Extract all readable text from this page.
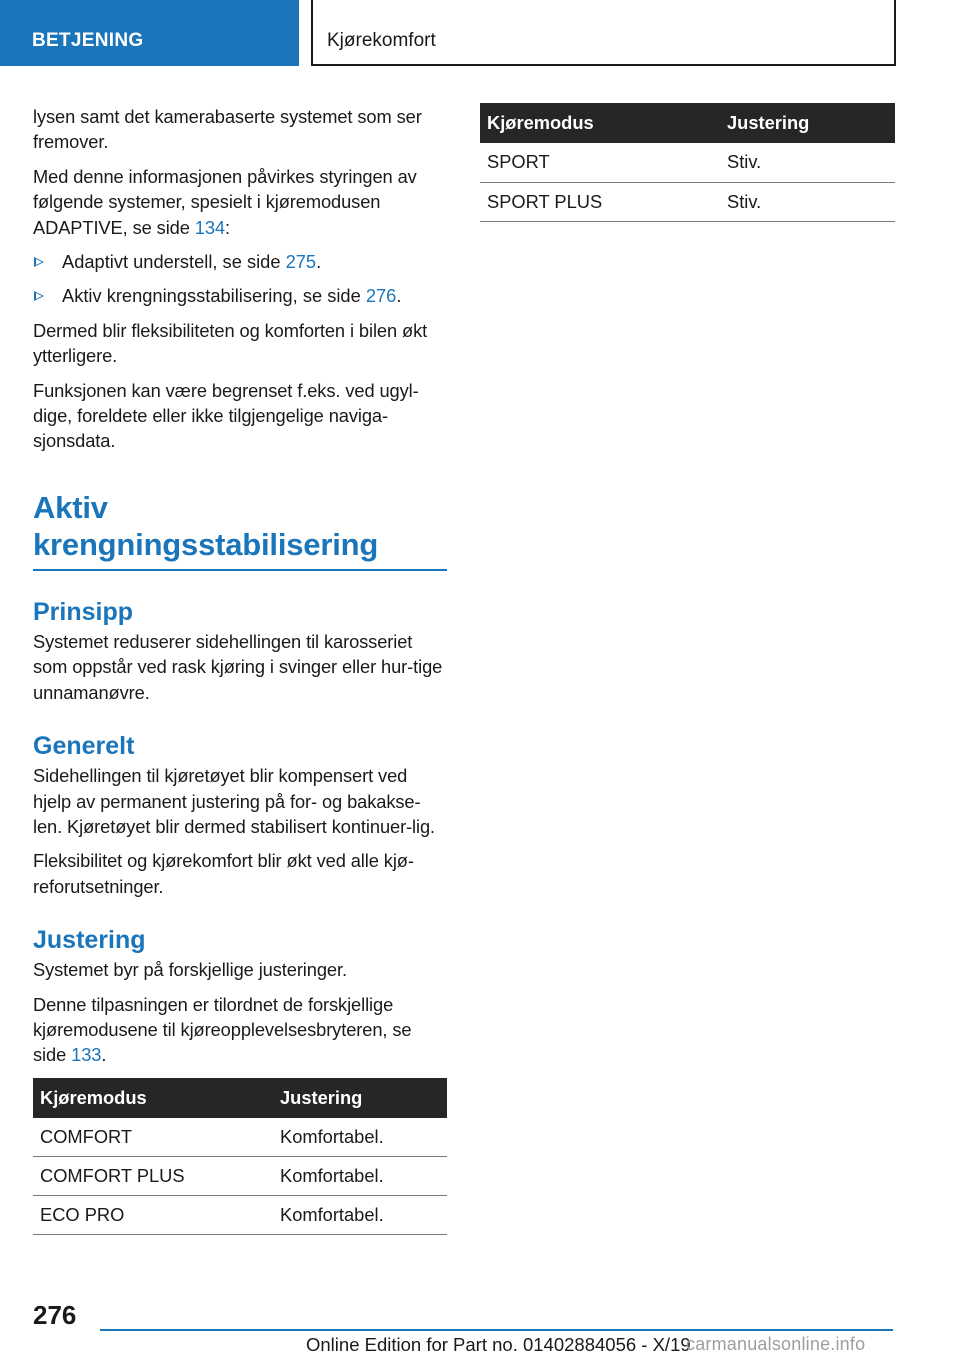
BETJENING	Kjørekomfort

lysen samt det kamerabaserte systemet som ser fremover.

Med denne informasjonen påvirkes styringen av følgende systemer, spesielt i kjøremodusen ADAPTIVE, se side 134:

Adaptivt understell, se side 275.
Aktiv krengningsstabilisering, se side 276.

Dermed blir fleksibiliteten og komforten i bilen økt ytterligere.

Funksjonen kan være begrenset f.eks. ved ugyl-dige, foreldete eller ikke tilgjengelige naviga-sjonsdata.

Aktiv
krengningsstabilisering
Prinsipp

Systemet reduserer sidehellingen til karosseriet som oppstår ved rask kjøring i svinger eller hur-tige unnamanøvre.

Generelt

Sidehellingen til kjøretøyet blir kompensert ved hjelp av permanent justering på for- og bakakse-len. Kjøretøyet blir dermed stabilisert kontinuer-lig.

Fleksibilitet og kjørekomfort blir økt ved alle kjø-reforutsetninger.

Justering

Systemet byr på forskjellige justeringer.

Denne tilpasningen er tilordnet de forskjellige kjøremodusene til kjøreopplevelsesbryteren, se side 133.

Kjøremodus	Justering
COMFORT	Komfortabel.
COMFORT PLUS	Komfortabel.
ECO PRO	Komfortabel.
Kjøremodus	Justering
SPORT	Stiv.
SPORT PLUS	Stiv.
276
Online Edition for Part no. 01402884056 - X/19
carmanualsonline.info
